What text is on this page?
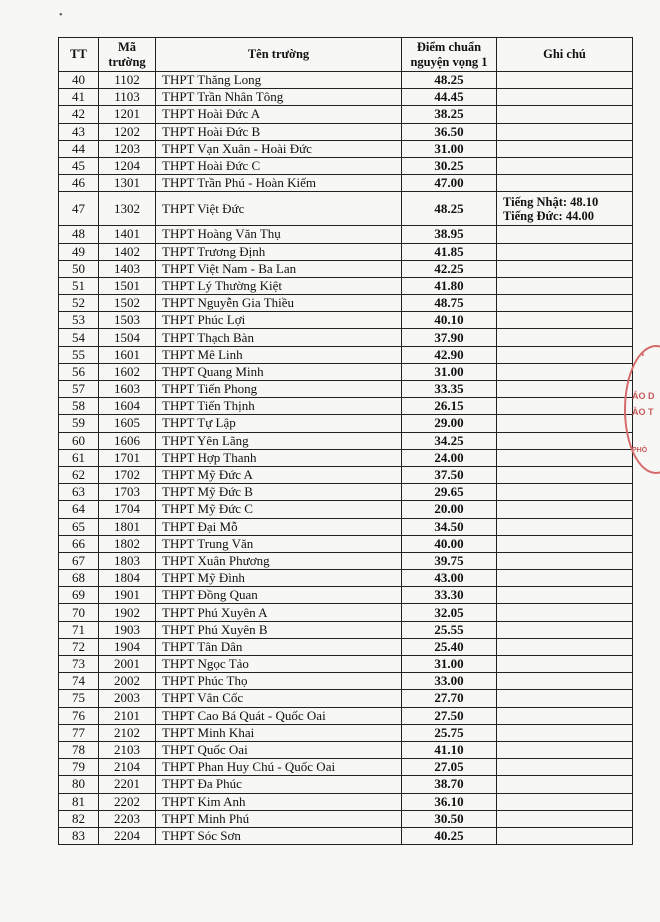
•
TT	Mã trường	Tên trường	Điểm chuẩn nguyện vọng 1	Ghi chú
40	1102	THPT Thăng Long	48.25	
41	1103	THPT Trần Nhân Tông	44.45	
42	1201	THPT Hoài Đức A	38.25	
43	1202	THPT Hoài Đức B	36.50	
44	1203	THPT Vạn Xuân - Hoài Đức	31.00	
45	1204	THPT Hoài Đức C	30.25	
46	1301	THPT Trần Phú - Hoàn Kiếm	47.00	
47	1302	THPT Việt Đức	48.25	Tiếng Nhật: 48.10
Tiếng Đức: 44.00

48	1401	THPT Hoàng Văn Thụ	38.95	
49	1402	THPT Trương Định	41.85	
50	1403	THPT Việt Nam - Ba Lan	42.25	
51	1501	THPT Lý Thường Kiệt	41.80	
52	1502	THPT Nguyễn Gia Thiều	48.75	
53	1503	THPT Phúc Lợi	40.10	
54	1504	THPT Thạch Bàn	37.90	
55	1601	THPT Mê Linh	42.90	
56	1602	THPT Quang Minh	31.00	
57	1603	THPT Tiến Phong	33.35	
58	1604	THPT Tiến Thịnh	26.15	
59	1605	THPT Tự Lập	29.00	
60	1606	THPT Yên Lãng	34.25	
61	1701	THPT Hợp Thanh	24.00	
62	1702	THPT Mỹ Đức A	37.50	
63	1703	THPT Mỹ Đức B	29.65	
64	1704	THPT Mỹ Đức C	20.00	
65	1801	THPT Đại Mỗ	34.50	
66	1802	THPT Trung Văn	40.00	
67	1803	THPT Xuân Phương	39.75	
68	1804	THPT Mỹ Đình	43.00	
69	1901	THPT Đồng Quan	33.30	
70	1902	THPT Phú Xuyên A	32.05	
71	1903	THPT Phú Xuyên B	25.55	
72	1904	THPT Tân Dân	25.40	
73	2001	THPT Ngọc Tảo	31.00	
74	2002	THPT Phúc Thọ	33.00	
75	2003	THPT Vân Cốc	27.70	
76	2101	THPT Cao Bá Quát - Quốc Oai	27.50	
77	2102	THPT Minh Khai	25.75	
78	2103	THPT Quốc Oai	41.10	
79	2104	THPT Phan Huy Chú - Quốc Oai	27.05	
80	2201	THPT Đa Phúc	38.70	
81	2202	THPT Kim Anh	36.10	
82	2203	THPT Minh Phú	30.50	
83	2204	THPT Sóc Sơn	40.25	
C.N
ÁO D
ÀO T
PHÒ
